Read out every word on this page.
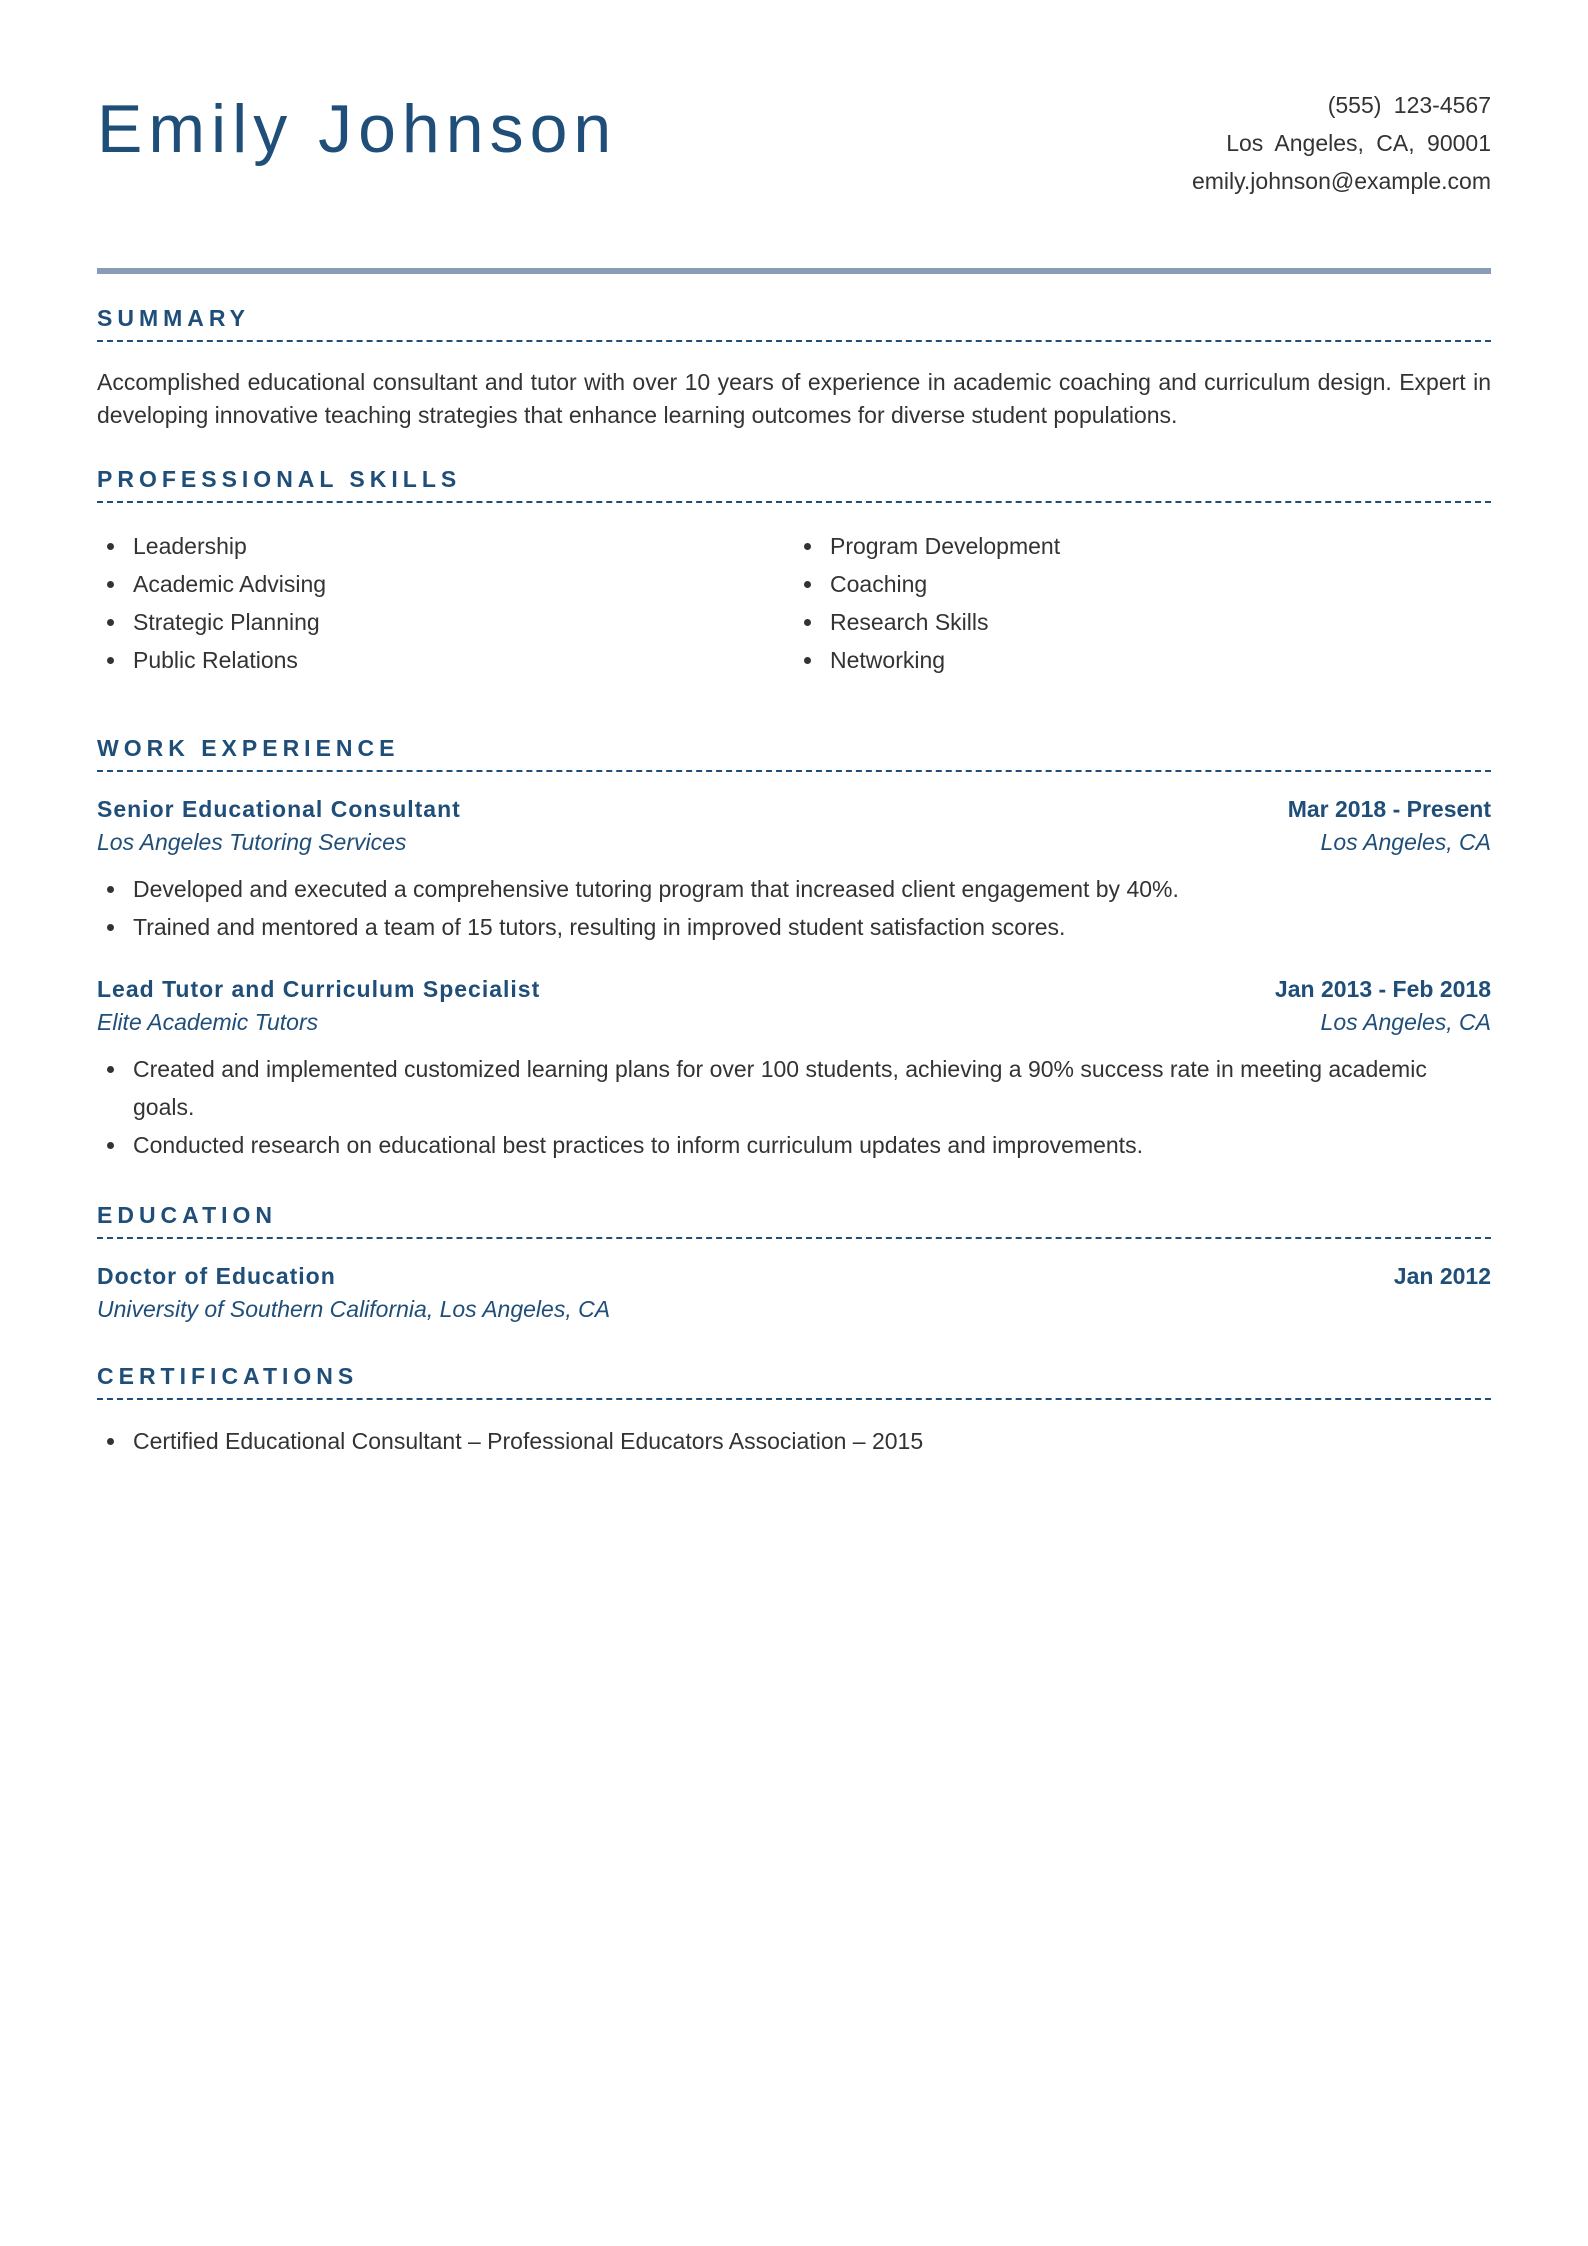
Emily Johnson	(555) 123-4567
Los Angeles, CA, 90001
emily.johnson@example.com
SUMMARY

Accomplished educational consultant and tutor with over 10 years of experience in academic coaching and curriculum design. Expert in developing innovative teaching strategies that enhance learning outcomes for diverse student populations.

PROFESSIONAL SKILLS
Leadership
Academic Advising
Strategic Planning
Public Relations
Program Development
Coaching
Research Skills
Networking
WORK EXPERIENCE
Senior Educational Consultant	Mar 2018 - Present
Los Angeles Tutoring Services	Los Angeles, CA
Developed and executed a comprehensive tutoring program that increased client engagement by 40%.
Trained and mentored a team of 15 tutors, resulting in improved student satisfaction scores.
Lead Tutor and Curriculum Specialist	Jan 2013 - Feb 2018
Elite Academic Tutors	Los Angeles, CA
Created and implemented customized learning plans for over 100 students, achieving a 90% success rate in meeting academic goals.
Conducted research on educational best practices to inform curriculum updates and improvements.
EDUCATION
Doctor of Education	Jan 2012
University of Southern California, Los Angeles, CA
CERTIFICATIONS
Certified Educational Consultant – Professional Educators Association – 2015
